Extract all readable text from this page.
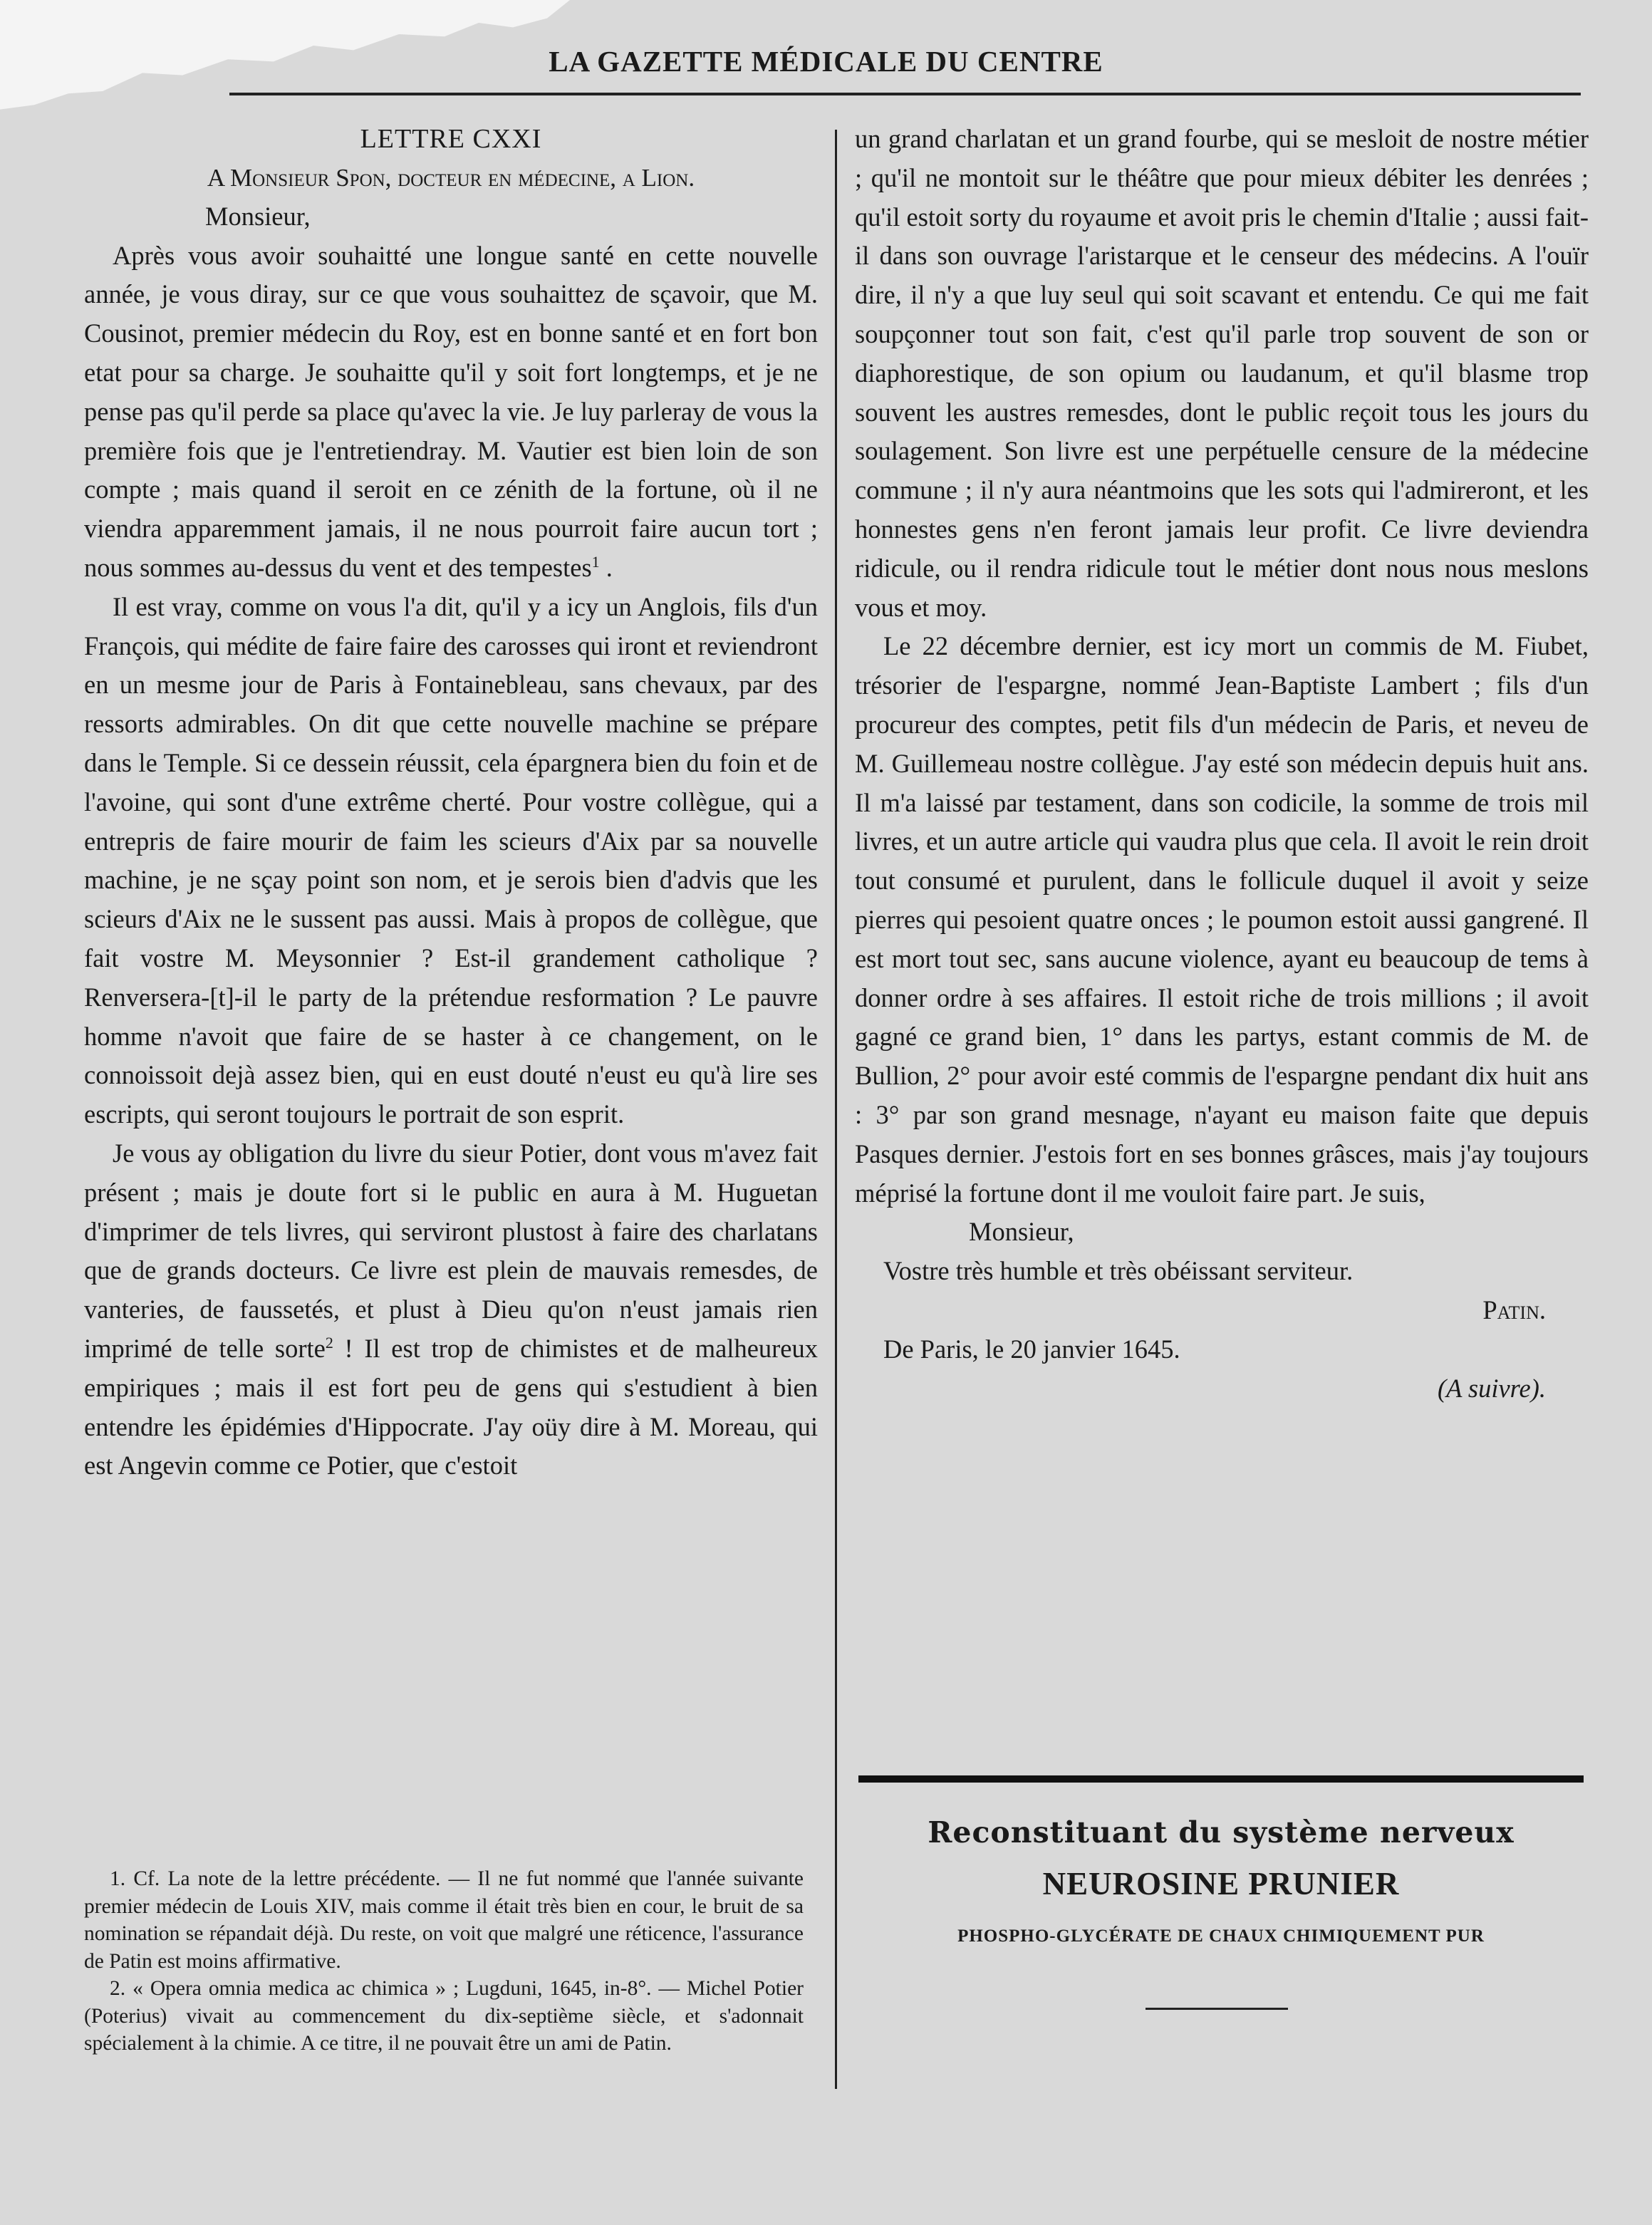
LA GAZETTE MÉDICALE DU CENTRE

LETTRE CXXI

A Monsieur Spon, docteur en médecine, a Lion.

Monsieur,

Après vous avoir souhaitté une longue santé en cette nouvelle année, je vous diray, sur ce que vous souhaittez de sçavoir, que M. Cousinot, premier médecin du Roy, est en bonne santé et en fort bon etat pour sa charge. Je souhaitte qu'il y soit fort longtemps, et je ne pense pas qu'il perde sa place qu'avec la vie. Je luy parleray de vous la première fois que je l'entretiendray. M. Vautier est bien loin de son compte ; mais quand il seroit en ce zénith de la fortune, où il ne viendra apparemment jamais, il ne nous pourroit faire aucun tort ; nous sommes au-dessus du vent et des tempestes$^1$ .

Il est vray, comme on vous l'a dit, qu'il y a icy un Anglois, fils d'un François, qui médite de faire faire des carosses qui iront et reviendront en un mesme jour de Paris à Fontainebleau, sans chevaux, par des ressorts admirables. On dit que cette nouvelle machine se prépare dans le Temple. Si ce dessein réussit, cela épargnera bien du foin et de l'avoine, qui sont d'une extrême cherté. Pour vostre collègue, qui a entrepris de faire mourir de faim les scieurs d'Aix par sa nouvelle machine, je ne sçay point son nom, et je serois bien d'advis que les scieurs d'Aix ne le sussent pas aussi. Mais à propos de collègue, que fait vostre M. Meysonnier ? Est-il grandement catholique ? Renversera-[t]-il le party de la prétendue resformation ? Le pauvre homme n'avoit que faire de se haster à ce changement, on le connoissoit dejà assez bien, qui en eust douté n'eust eu qu'à lire ses escripts, qui seront toujours le portrait de son esprit.

Je vous ay obligation du livre du sieur Potier, dont vous m'avez fait présent ; mais je doute fort si le public en aura à M. Huguetan d'imprimer de tels livres, qui serviront plustost à faire des charlatans que de grands docteurs. Ce livre est plein de mauvais remesdes, de vanteries, de faussetés, et plust à Dieu qu'on n'eust jamais rien imprimé de telle sorte$^2$ ! Il est trop de chimistes et de malheureux empiriques ; mais il est fort peu de gens qui s'estudient à bien entendre les épidémies d'Hippocrate. J'ay oüy dire à M. Moreau, qui est Angevin comme ce Potier, que c'estoit

1. Cf. La note de la lettre précédente. — Il ne fut nommé que l'année suivante premier médecin de Louis XIV, mais comme il était très bien en cour, le bruit de sa nomination se répandait déjà. Du reste, on voit que malgré une réticence, l'assurance de Patin est moins affirmative.

2. « Opera omnia medica ac chimica » ; Lugduni, 1645, in-8°. — Michel Potier (Poterius) vivait au commencement du dix-septième siècle, et s'adonnait spécialement à la chimie. A ce titre, il ne pouvait être un ami de Patin.

un grand charlatan et un grand fourbe, qui se mesloit de nostre métier ; qu'il ne montoit sur le théâtre que pour mieux débiter les denrées ; qu'il estoit sorty du royaume et avoit pris le chemin d'Italie ; aussi fait-il dans son ouvrage l'aristarque et le censeur des médecins. A l'ouïr dire, il n'y a que luy seul qui soit scavant et entendu. Ce qui me fait soupçonner tout son fait, c'est qu'il parle trop souvent de son or diaphorestique, de son opium ou laudanum, et qu'il blasme trop souvent les austres remesdes, dont le public reçoit tous les jours du soulagement. Son livre est une perpétuelle censure de la médecine commune ; il n'y aura néantmoins que les sots qui l'admireront, et les honnestes gens n'en feront jamais leur profit. Ce livre deviendra ridicule, ou il rendra ridicule tout le métier dont nous nous meslons vous et moy.

Le 22 décembre dernier, est icy mort un commis de M. Fiubet, trésorier de l'espargne, nommé Jean-Baptiste Lambert ; fils d'un procureur des comptes, petit fils d'un médecin de Paris, et neveu de M. Guillemeau nostre collègue. J'ay esté son médecin depuis huit ans. Il m'a laissé par testament, dans son codicile, la somme de trois mil livres, et un autre article qui vaudra plus que cela. Il avoit le rein droit tout consumé et purulent, dans le follicule duquel il avoit y seize pierres qui pesoient quatre onces ; le poumon estoit aussi gangrené. Il est mort tout sec, sans aucune violence, ayant eu beaucoup de tems à donner ordre à ses affaires. Il estoit riche de trois millions ; il avoit gagné ce grand bien, 1° dans les partys, estant commis de M. de Bullion, 2° pour avoir esté commis de l'espargne pendant dix huit ans : 3° par son grand mesnage, n'ayant eu maison faite que depuis Pasques dernier. J'estois fort en ses bonnes grâsces, mais j'ay toujours méprisé la fortune dont il me vouloit faire part. Je suis,

Monsieur,

Vostre très humble et très obéissant serviteur.

Patin.

De Paris, le 20 janvier 1645.

(A suivre).

Reconstituant du système nerveux
NEUROSINE PRUNIER
PHOSPHO-GLYCÉRATE DE CHAUX CHIMIQUEMENT PUR
